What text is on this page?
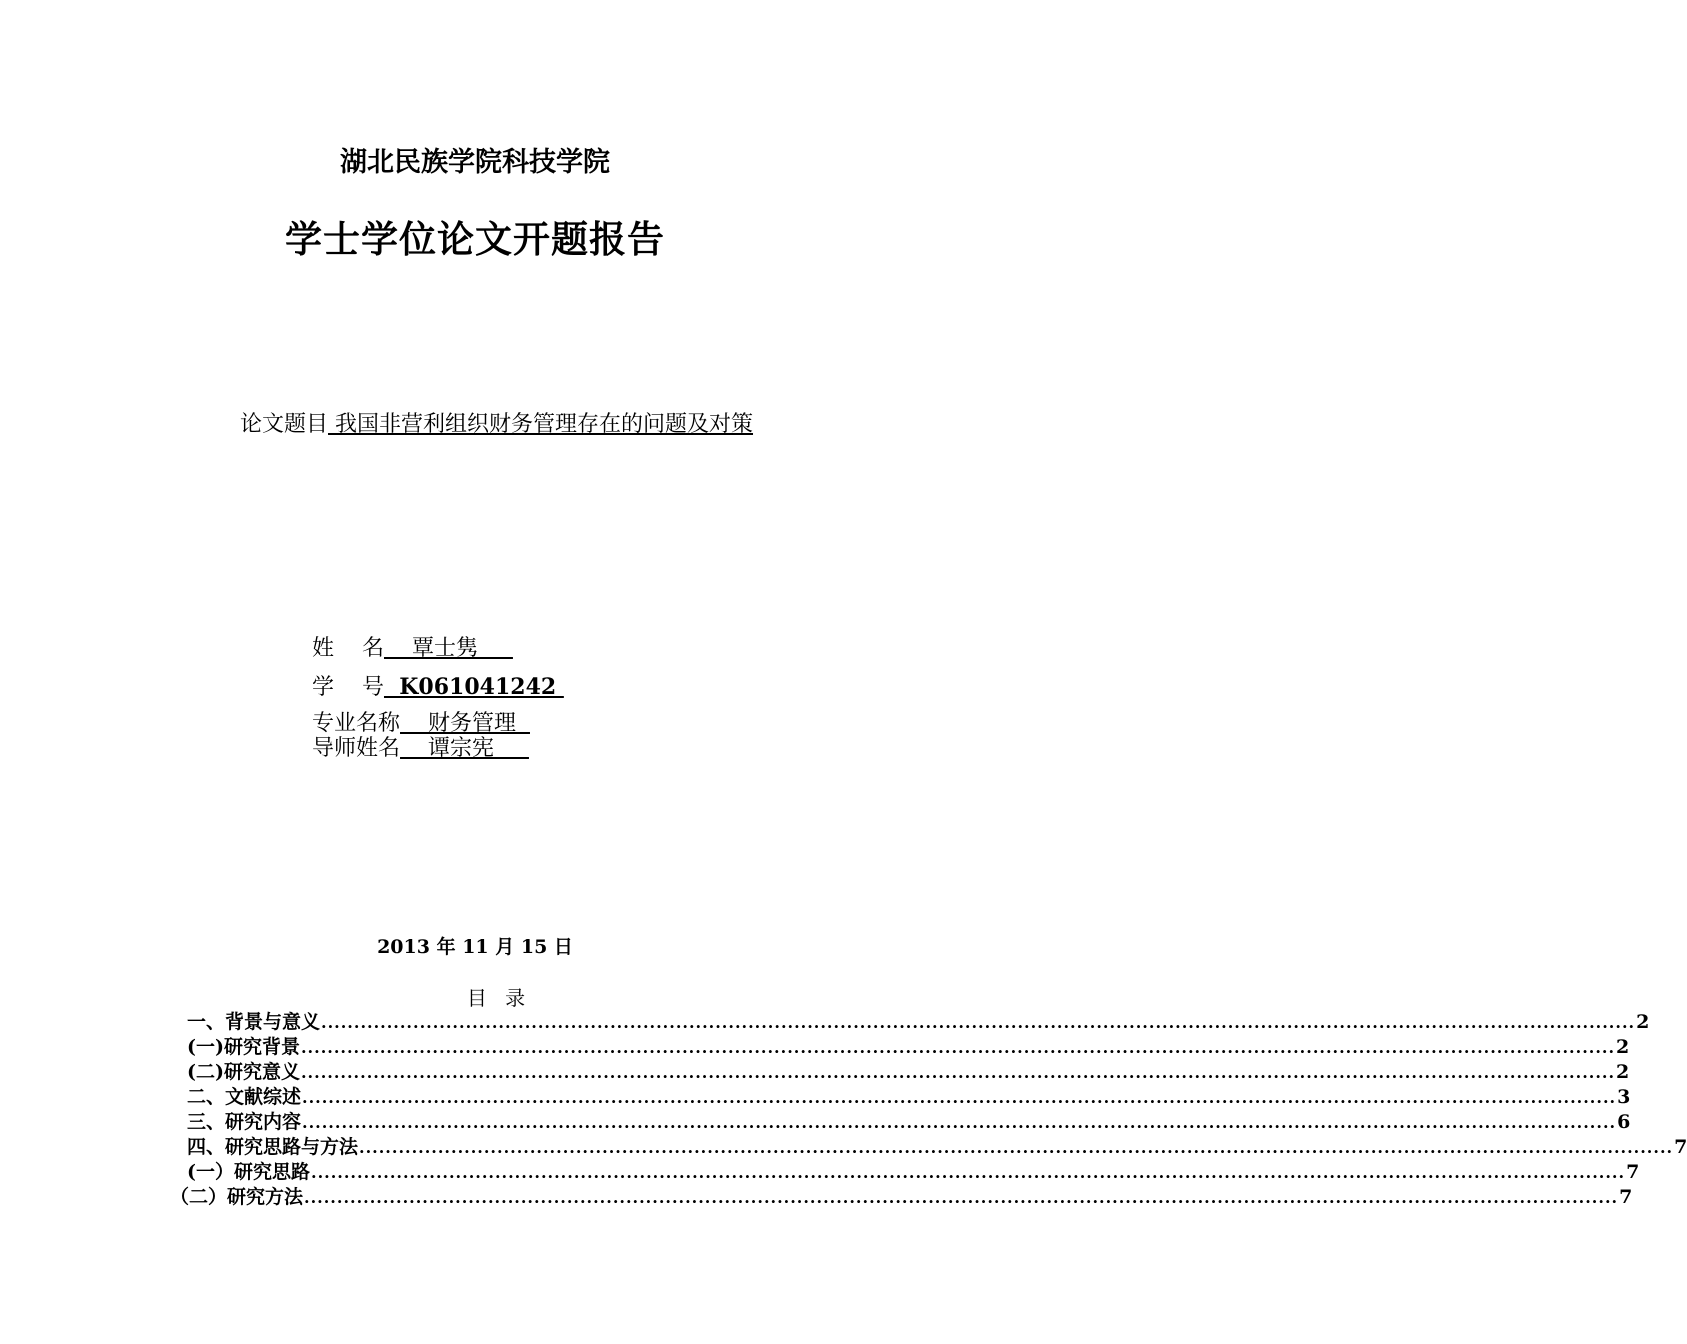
湖北民族学院科技学院
学士学位论文开题报告
论文题目 我国非营利组织财务管理存在的问题及对策
姓    名    覃士隽
学    号  K061041242
专业名称    财务管理
导师姓名    谭宗宪
2013 年 11 月 15 日
目 录
一、背景与意义 ........................................................................................................................................................................................................ 2
(一)研究背景 ........................................................................................................................................................................................................ 2
(二)研究意义 ........................................................................................................................................................................................................ 2
二、文献综述 ........................................................................................................................................................................................................ 3
三、研究内容 ........................................................................................................................................................................................................ 6
四、研究思路与方法 ........................................................................................................................................................................................................ 7
(一）研究思路 ........................................................................................................................................................................................................ 7
（二）研究方法 ........................................................................................................................................................................................................ 7
